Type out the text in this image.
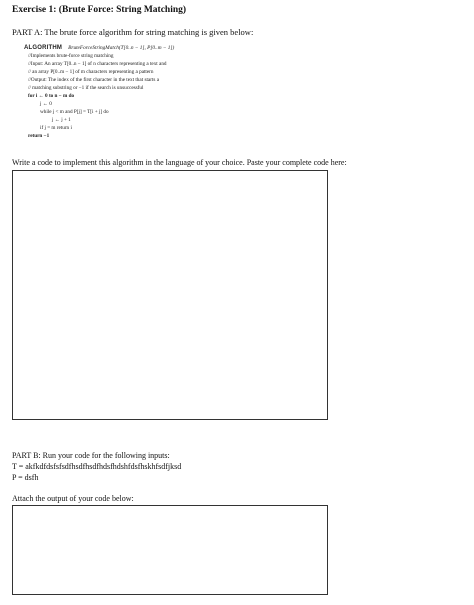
Exercise 1: (Brute Force: String Matching)
PART A: The brute force algorithm for string matching is given below:
ALGORITHM BruteForceStringMatch(T[0..n − 1], P[0..m − 1])
//Implements brute-force string matching
//Input: An array T[0..n − 1] of n characters representing a text and
// an array P[0..m − 1] of m characters representing a pattern
//Output: The index of the first character in the text that starts a
// matching substring or −1 if the search is unsuccessful
for i ← 0 to n − m do
j ← 0
while j < m and P[j] = T[i + j] do
j ← j + 1
if j = m return i
return −1
Write a code to implement this algorithm in the language of your choice. Paste your complete code here:
PART B: Run your code for the following inputs:
T = akfkdfdsfsfsdfhsdfhsdfhdsfhdshfdsfhskhfsdfjksd
P = dsfh
Attach the output of your code below:
